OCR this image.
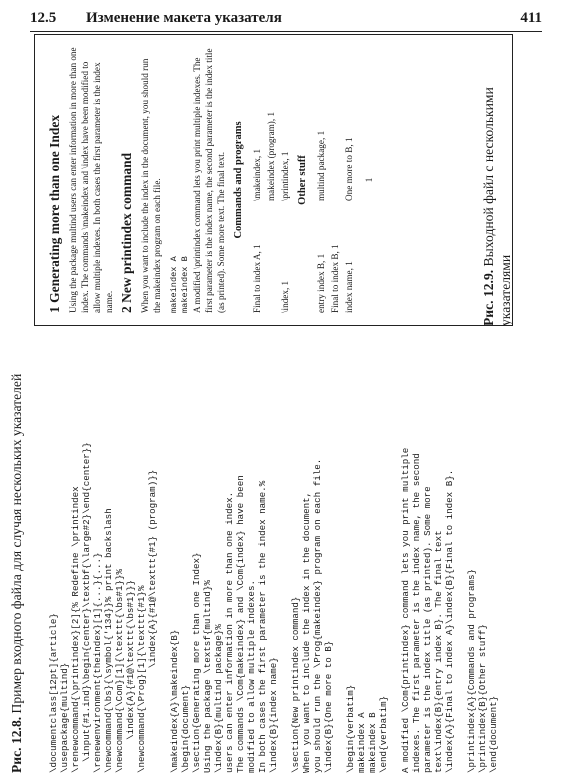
12.5 Изменение макета указателя	411
\documentclass[12pt]{article} \usepackage{multind} \renewcommand{\printindex}[2]{% Redefine \printindex \input{#1.ind}\begin{center}\textbf{\large#2}\end{center}} \renewenvironment{theindex}[1]{...}{...} \newcommand{\bs}{\symbol{'134}}% print backslash \newcommand{\Com}[1]{\texttt{\bs#1}}% \index{A}{#1@\texttt{\bs#1}}} \newcommand{\Prog}[1]{\texttt{#1}% \index{A}{#1@\texttt{#1} (program)}} \makeindex{A}\makeindex{B} \begin{document} \section{Generating more than one Index} Using the package \textsf{multind}% \index{B}{multind package}% users can enter information in more than one index. The commands \Com{makeindex} and \Com{index} have been modified to allow multiple indexes. In both cases the first parameter is the index name.% \index{B}{index name} \section{New printindex command} When you want to include the index in the document, you should run the \Prog{makeindex} program on each file. \index{B}{One more to B} \begin{verbatim} makeindex A makeindex B \end{verbatim} A modified \Com{printindex} command lets you print multiple indexes. The first parameter is the index name, the second parameter is the index title (as printed). Some more text\index{B}{entry index B}. The final text \index{A}{Final to index A}\index{B}{Final to index B}. \printindex{A}{Commands and programs} \printindex{B}{Other stuff} \end{document}
Рис. 12.8. Пример входного файла для случая нескольких указателей
1 Generating more than one Index Using the package multind users can enter information in more than one index. The commands \makeindex and \index have been modified to allow multiple indexes. In both cases the first parameter is the index name. 2 New printindex command When you want to include the index in the document, you should run the makeindex program on each file. makeindex A makeindex B A modified \printindex command lets you print multiple indexes. The first parameter is the index name, the second parameter is the index title (as printed). Some more text. The final text. Commands and programs
Final to index A, 1
\makeindex, 1 makeindex (program), 1
\index, 1
\printindex, 1 Other stuff
entry index B, 1
multind package, 1
Final to index B, 1 index name, 1
One more to B, 1 1
Рис. 12.9. Выходной файл с несколькими указателями
